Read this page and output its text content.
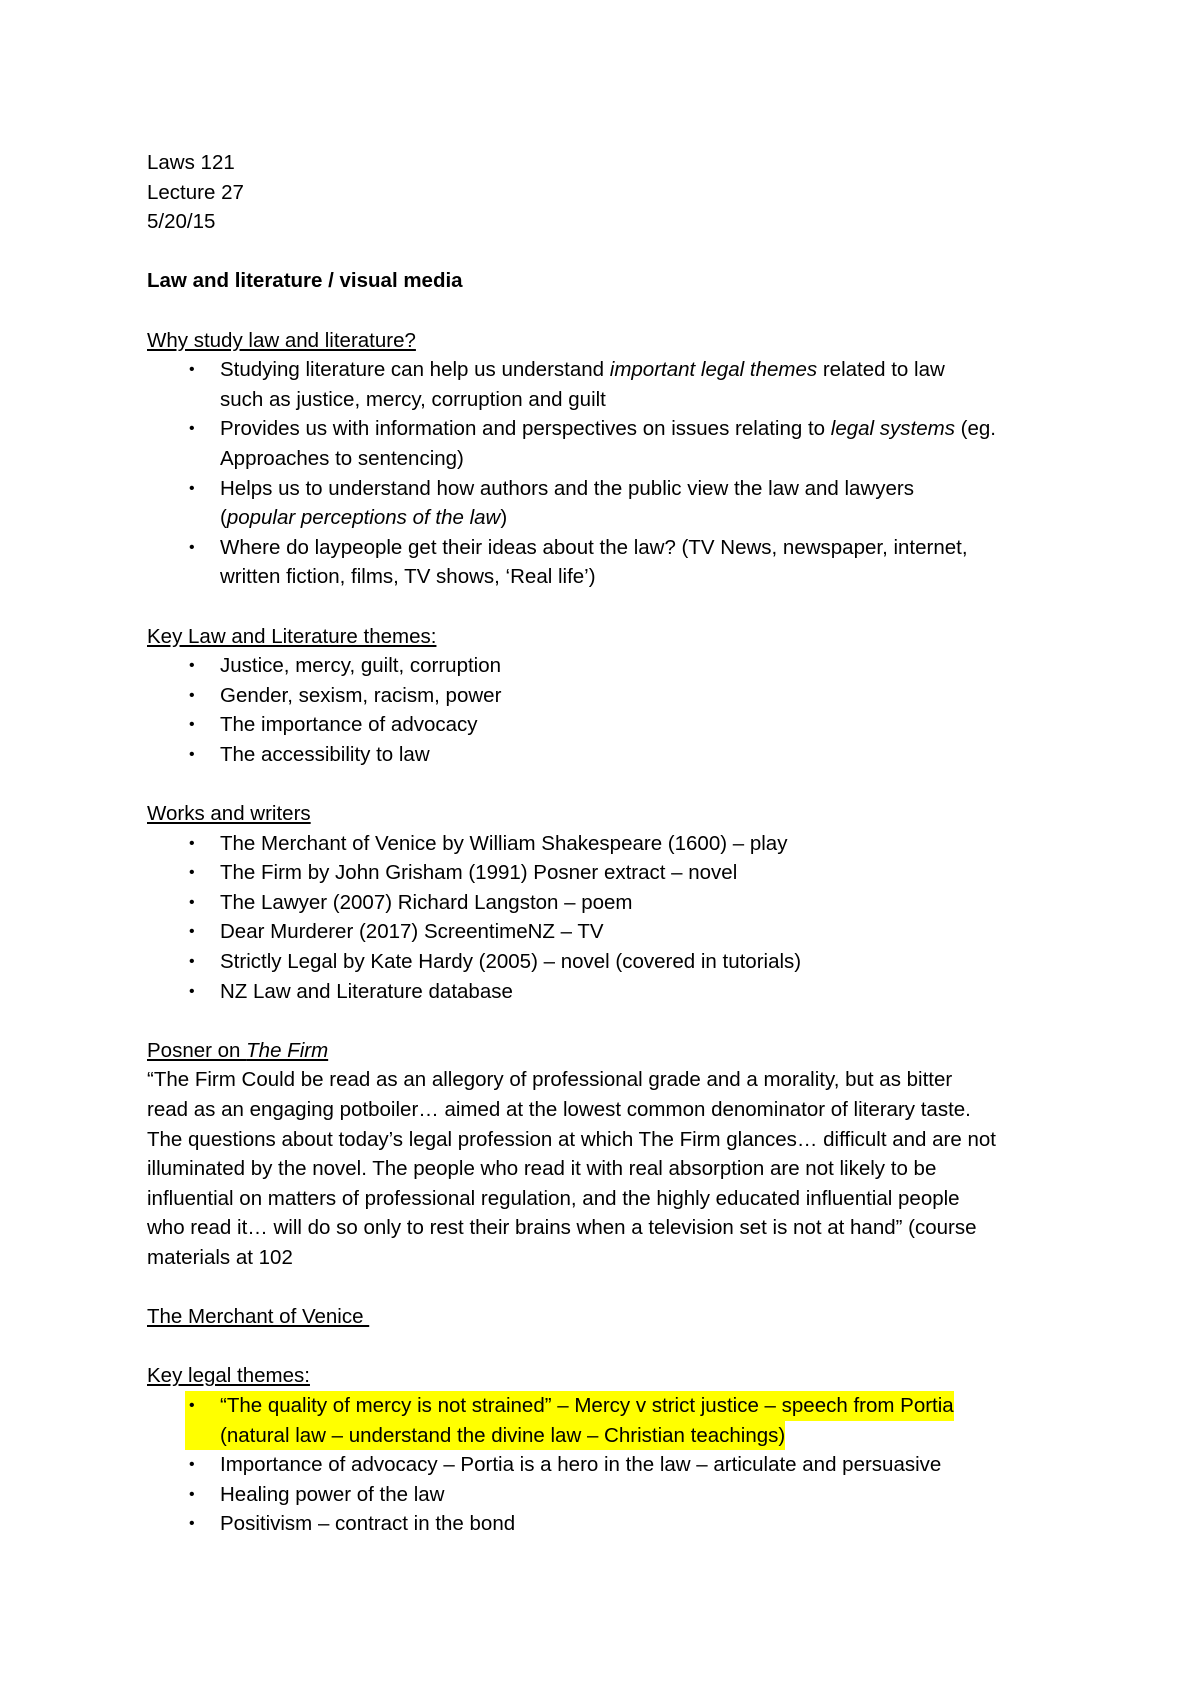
Laws 121
Lecture 27
5/20/15
Law and literature / visual media
Why study law and literature?
• Studying literature can help us understand important legal themes related to law
such as justice, mercy, corruption and guilt
• Provides us with information and perspectives on issues relating to legal systems (eg.
Approaches to sentencing)
• Helps us to understand how authors and the public view the law and lawyers
(popular perceptions of the law)
• Where do laypeople get their ideas about the law? (TV News, newspaper, internet,
written fiction, films, TV shows, ‘Real life’)
Key Law and Literature themes:
• Justice, mercy, guilt, corruption
• Gender, sexism, racism, power
• The importance of advocacy
• The accessibility to law
Works and writers
• The Merchant of Venice by William Shakespeare (1600) – play
• The Firm by John Grisham (1991) Posner extract – novel
• The Lawyer (2007) Richard Langston – poem
• Dear Murderer (2017) ScreentimeNZ – TV
• Strictly Legal by Kate Hardy (2005) – novel (covered in tutorials)
• NZ Law and Literature database
Posner on The Firm
“The Firm Could be read as an allegory of professional grade and a morality, but as bitter
read as an engaging potboiler… aimed at the lowest common denominator of literary taste.
The questions about today’s legal profession at which The Firm glances… difficult and are not
illuminated by the novel. The people who read it with real absorption are not likely to be
influential on matters of professional regulation, and the highly educated influential people
who read it… will do so only to rest their brains when a television set is not at hand” (course
materials at 102
The Merchant of Venice
Key legal themes:
• “The quality of mercy is not strained” – Mercy v strict justice – speech from Portia
(natural law – understand the divine law – Christian teachings)
• Importance of advocacy – Portia is a hero in the law – articulate and persuasive
• Healing power of the law
• Positivism – contract in the bond
